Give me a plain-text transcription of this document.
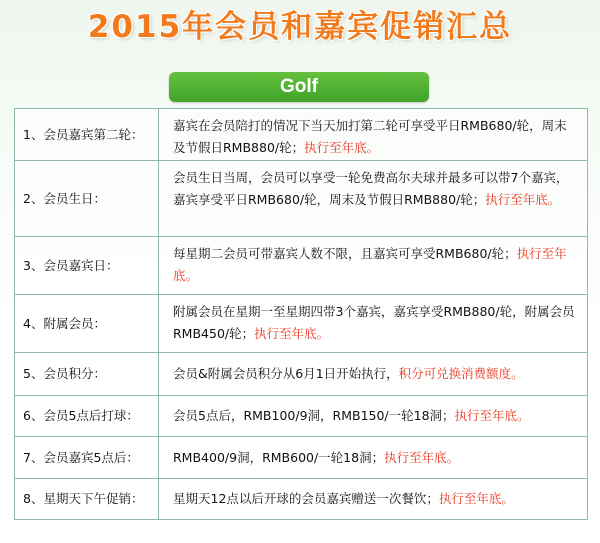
2015年会员和嘉宾促销汇总
Golf
1、会员嘉宾第二轮：
嘉宾在会员陪打的情况下当天加打第二轮可享受平日RMB680/轮，周末及节假日RMB880/轮；执行至年底。
2、会员生日：
会员生日当周，会员可以享受一轮免费高尔夫球并最多可以带7个嘉宾，嘉宾享受平日RMB680/轮，周末及节假日RMB880/轮；执行至年底。
3、会员嘉宾日：
每星期二会员可带嘉宾人数不限，且嘉宾可享受RMB680/轮；执行至年底。
4、附属会员：
附属会员在星期一至星期四带3个嘉宾，嘉宾享受RMB880/轮，附属会员RMB450/轮；执行至年底。
5、会员积分：	会员&附属会员积分从6月1日开始执行，积分可兑换消费额度。
6、会员5点后打球：	会员5点后，RMB100/9洞，RMB150/一轮18洞；执行至年底。
7、会员嘉宾5点后：	RMB400/9洞，RMB600/一轮18洞；执行至年底。
8、星期天下午促销：	星期天12点以后开球的会员嘉宾赠送一次餐饮；执行至年底。
